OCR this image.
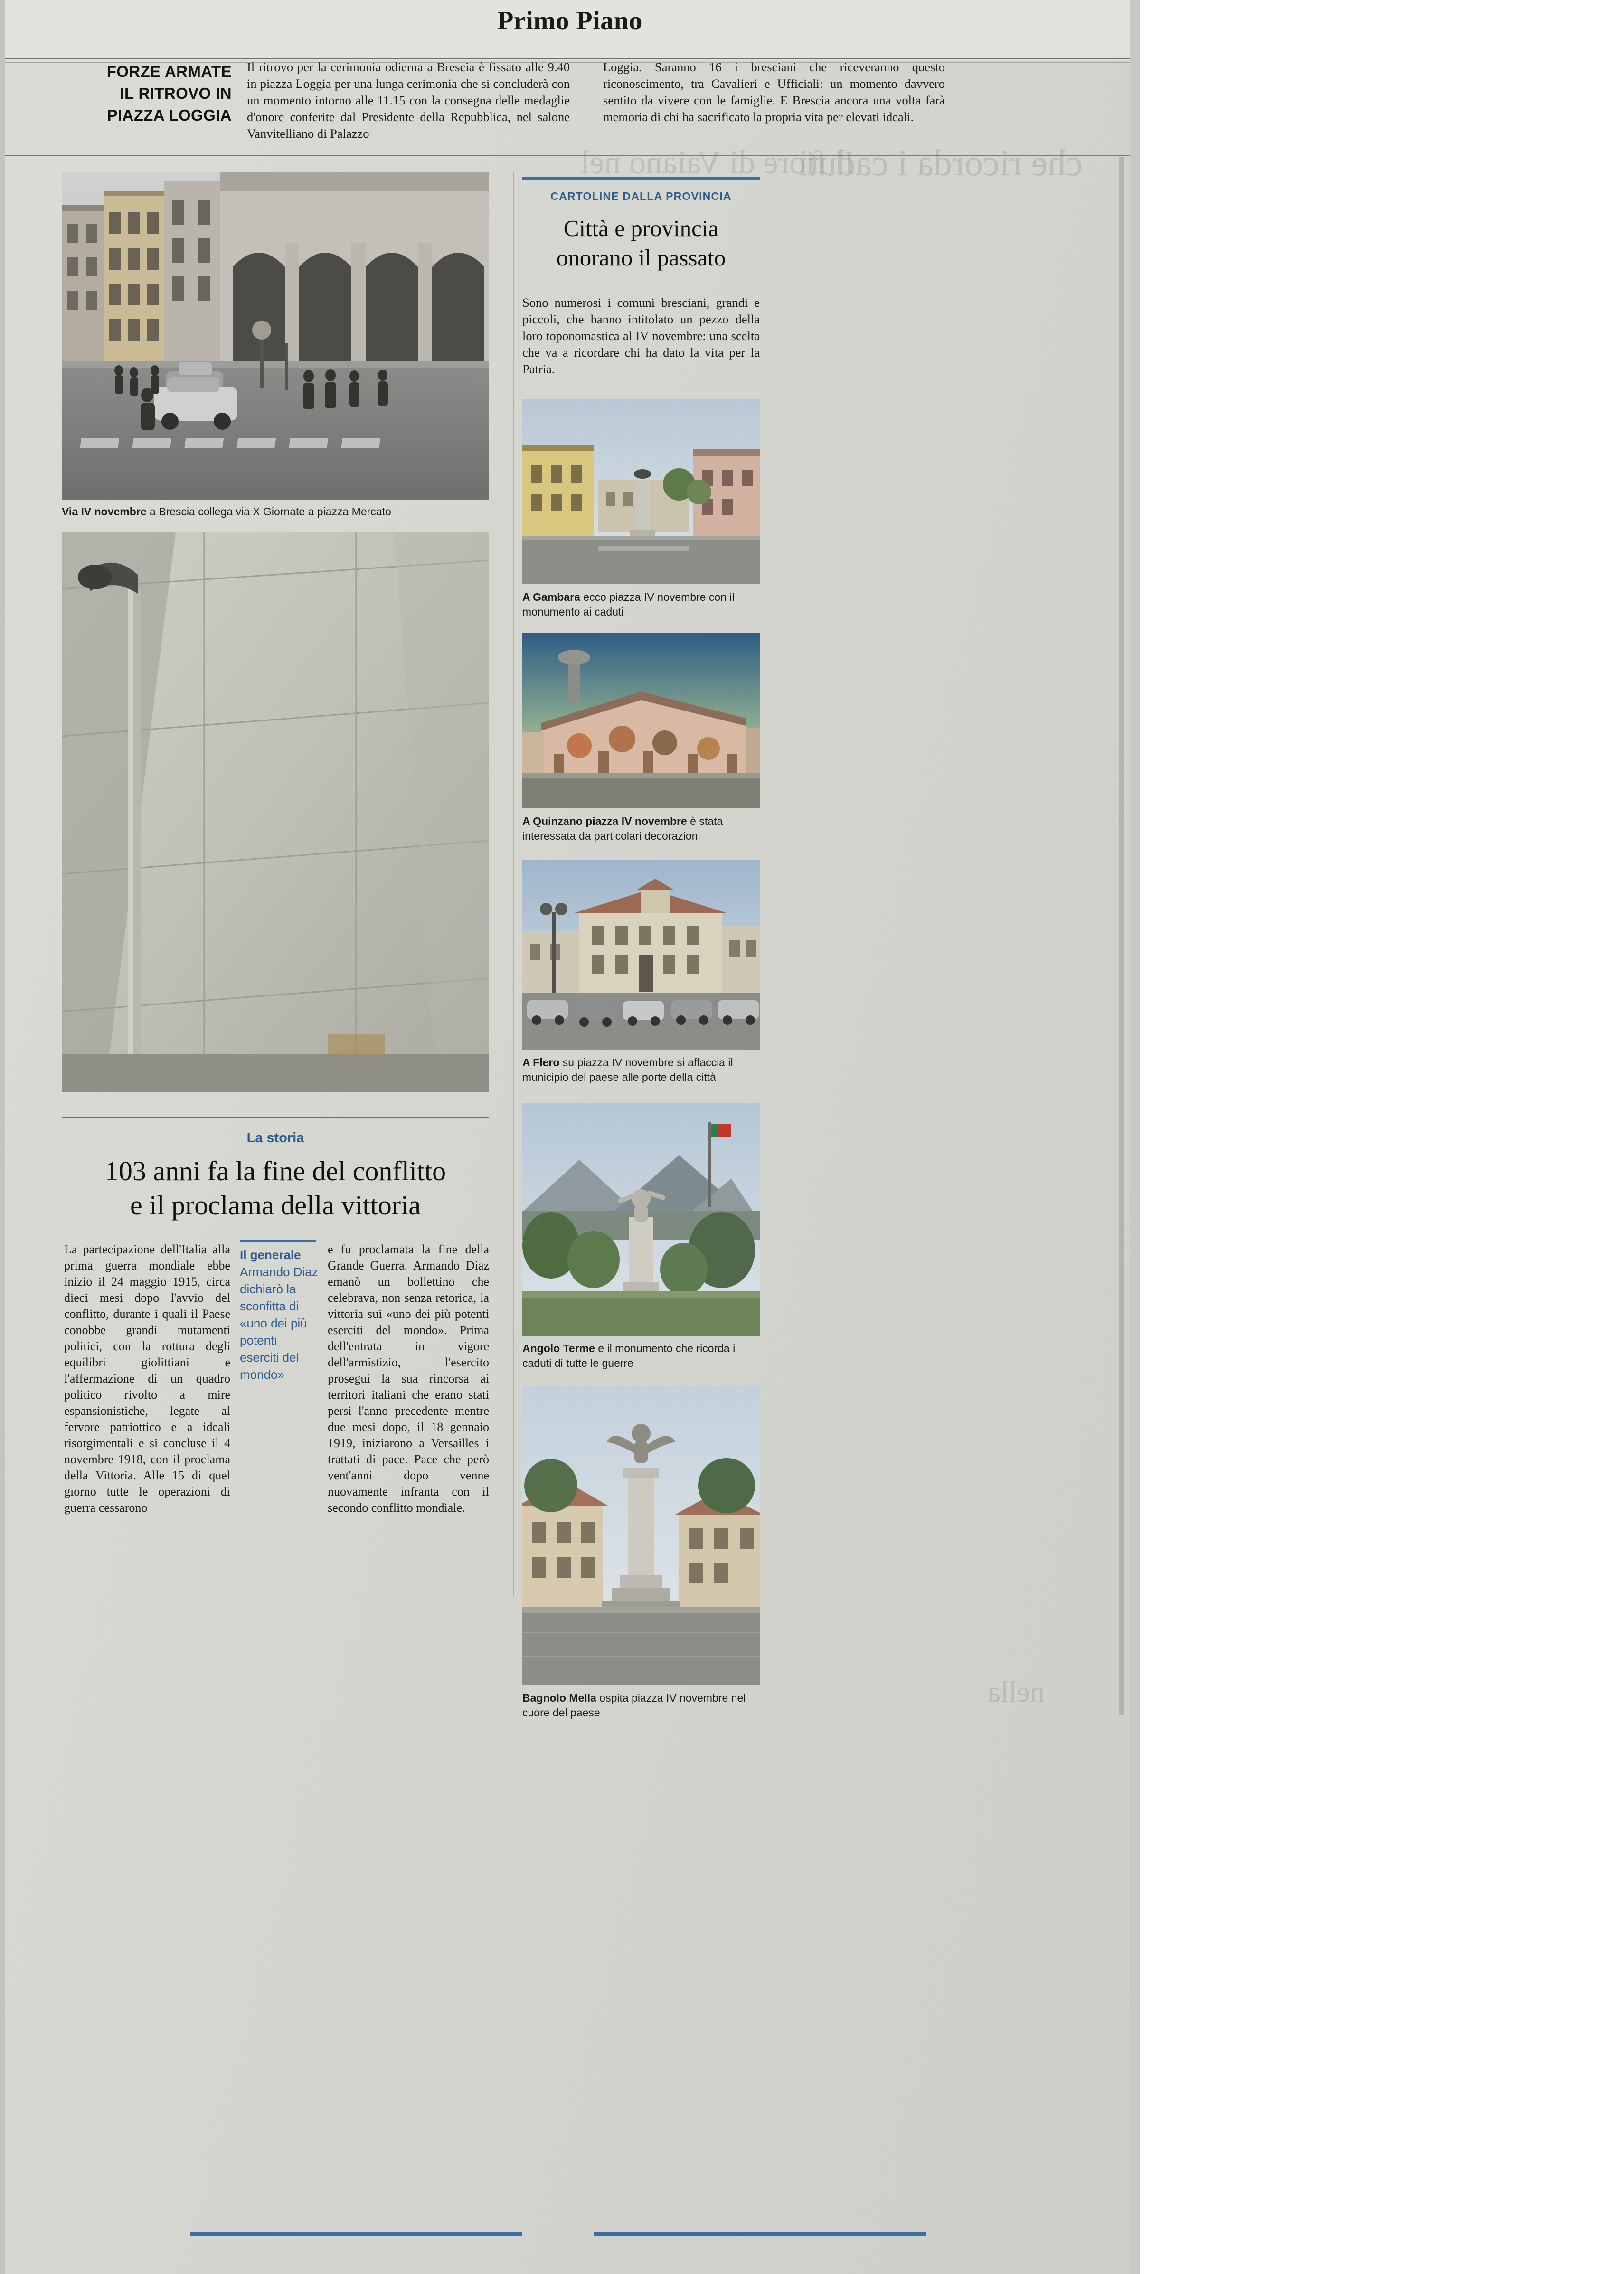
Primo Piano
FORZE ARMATE
IL RITROVO IN
PIAZZA LOGGIA
Il ritrovo per la cerimonia odierna a Brescia è fissato alle 9.40 in piazza Loggia per una lunga cerimonia che si concluderà con un momento intorno alle 11.15 con la consegna delle medaglie d'onore conferite dal Presidente della Repubblica, nel salone Vanvitelliano di Palazzo
Loggia. Saranno 16 i bresciani che riceveranno questo riconoscimento, tra Cavalieri e Ufficiali: un momento davvero sentito da vivere con le famiglie. E Brescia ancora una volta farà memoria di chi ha sacrificato la propria vita per elevati ideali.
Via IV novembre a Brescia collega via X Giornate a piazza Mercato
La storia
103 anni fa la fine del conflitto
e il proclama della vittoria
La partecipazione dell'Italia alla prima guerra mondiale ebbe inizio il 24 maggio 1915, circa dieci mesi dopo l'avvio del conflitto, durante i quali il Paese conobbe grandi mutamenti politici, con la rottura degli equilibri giolittiani e l'affermazione di un quadro politico rivolto a mire espansionistiche, legate al fervore patriottico e a ideali risorgimentali e si concluse il 4 novembre 1918, con il proclama della Vittoria. Alle 15 di quel giorno tutte le operazioni di guerra cessarono
Il generale
Armando Diaz dichiarò la sconfitta di «uno dei più potenti eserciti del mondo»
e fu proclamata la fine della Grande Guerra. Armando Diaz emanò un bollettino che celebrava, non senza retorica, la vittoria sui «uno dei più potenti eserciti del mondo». Prima dell'entrata in vigore dell'armistizio, l'esercito proseguì la sua rincorsa ai territori italiani che erano stati persi l'anno precedente mentre due mesi dopo, il 18 gennaio 1919, iniziarono a Versailles i trattati di pace. Pace che però vent'anni dopo venne nuovamente infranta con il secondo conflitto mondiale.
CARTOLINE DALLA PROVINCIA
Città e provincia
onorano il passato
Sono numerosi i comuni bresciani, grandi e piccoli, che hanno intitolato un pezzo della loro toponomastica al IV novembre: una scelta che va a ricordare chi ha dato la vita per la Patria.
A Gambara ecco piazza IV novembre con il monumento ai caduti
A Quinzano piazza IV novembre è stata interessata da particolari decorazioni
A Flero su piazza IV novembre si affaccia il municipio del paese alle porte della città
Angolo Terme e il monumento che ricorda i caduti di tutte le guerre
Bagnolo Mella ospita piazza IV novembre nel cuore del paese
